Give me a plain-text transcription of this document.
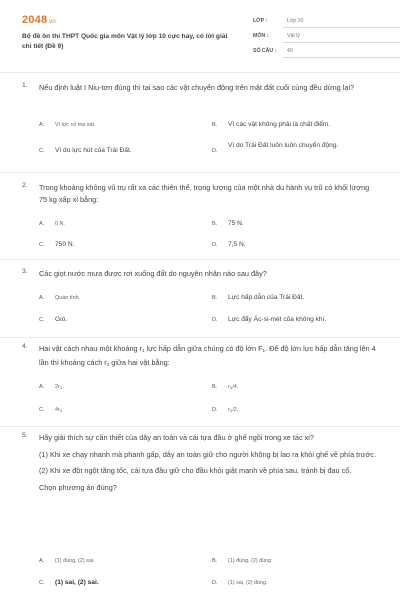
2048.vn
Bộ đề ôn thi THPT Quốc gia môn Vật lý lớp 10 cực hay, có lời giải chi tiết (Đề 9)
LỚP :	Lớp 10
MÔN :	Vật lý
SỐ CÂU : 40
1. Nếu định luật I Niu-tơn đúng thì tại sao các vật chuyển động trên mặt đất cuối cùng đều dừng lại?
A.	Vì lực cỏ ma sát.	B.	Vì các vật không phải là chất điểm.
C.	Vì do lực hút của Trái Đất.	D.
Vì do Trái Đất luôn luôn chuyển động.
2. Trong khoảng không vũ trụ rất xa các thiên thể, trọng lượng của một nhà du hành vụ trũ có khối lượng 75 kg xấp xỉ bằng:
A.	0 N.	B.	75 N.
C.	750 N.	D.	7,5 N.
3. Các giọt nước mưa được rơi xuống đất do nguyên nhân nào sau đây?
A.	Quán tính.	B.	Lực hấp dẫn của Trái Đất.
C.	Gió.	D.	Lực đẩy Ác-si-mét của không khí.
4. Hai vật cách nhau một khoảng $r_1$ lực hấp dẫn giữa chúng có độ lớn $F_1$. Để độ lớn lực hấp dẫn tăng lên 4 lần thì khoảng cách $r_2$ giữa hai vật bằng:
A.	$2r_1$.	B.	$r_1/4$.
C.	$4r_1$	D.	$r_1/2$.
5. Hãy giải thích sự cần thiết của dây an toàn và cái tựa đầu ở ghế ngồi trong xe tác xi?
(1) Khi xe chạy nhanh mà phanh gấp, dây an toàn giữ cho người không bị lao ra khỏi ghế về phía trước.
(2) Khi xe đột ngột tăng tốc, cái tựa đầu giữ cho đầu khỏi giật mạnh về phía sau, tránh bị đau cổ.
Chọn phương án đúng?
A.	(1) đúng, (2) sai.	B.	(1) đúng, (2) đúng
C.	(1) sai, (2) sai.	D.	(1) sai, (2) đúng.
